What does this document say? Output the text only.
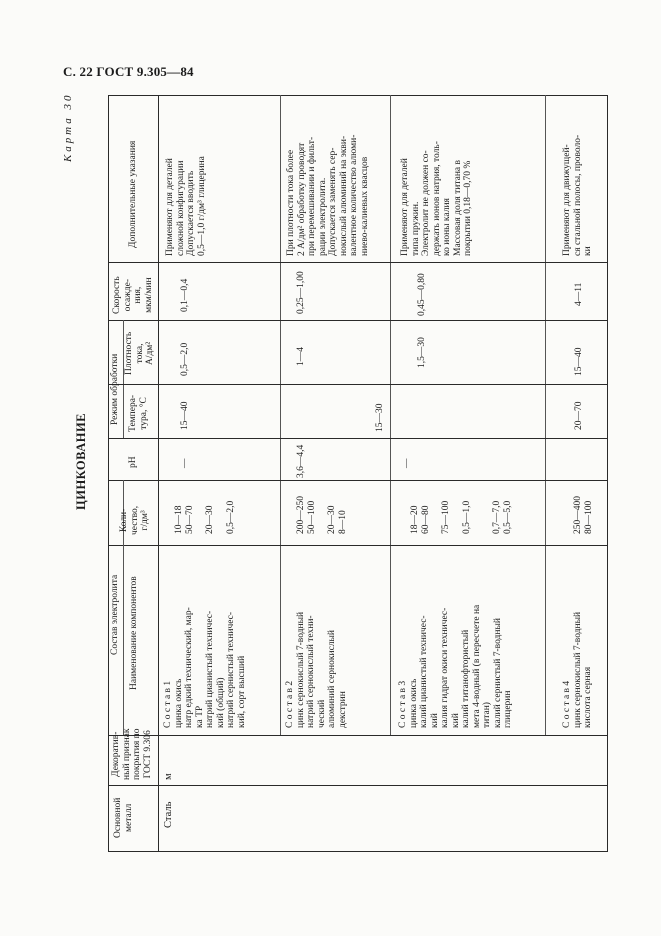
С. 22 ГОСТ 9.305—84
Карта 30
ЦИНКОВАНИЕ
Основной металл
Декоратив- ный признак покрытия по ГОСТ 9.306
Состав электролита Наименование компонентов
Коли- чество, г/дм³
pH
Режим обработки Темпера- тура, °С
Плотность тока, А/дм²
Скорость осажде- ния, мкм/мин
Дополнительные указания
Сталь
м
С о с т а в 1 цинка окись натр едкий технический, мар- ка ТР натрий цианистый техничес- кий (общий) натрий сернистый техничес- кий, сорт высший
10—18 50—70 20—30 0,5—2,0
—
15—40
0,5—2,0
0,1—0,4
Применяют для деталей сложной конфигурации Допускается вводить 0,5—1,0 г/дм³ глицерина
С о с т а в 2 цинк сернокислый 7-водный натрий сернокислый техни- ческий алюминий сернокислый декстрин
200—250 50—100 20—30 8—10
3,6—4,4
15—30
1—4
0,25—1,00
При плотности тока более 2 А/дм² обработку проводят при перемешивании и фильт- рации электролита. Допускается заменять сер- нокислый алюминий на экви- валентное количество алюми- ниево-калиевых квасцов
С о с т а в 3 цинка окись калий цианистый техничес- кий калия гидрат окиси техничес- кий калий титанофтористый мета 4-водный (в пересчете на титан) калий сернистый 7-водный глицерин
18—20 60—80 75—100 0,5—1,0 0,7—7,0 0,5—5,0
—
1,5—30
0,45—0,80
Применяют для деталей типа пружин. Электролит не должен со- держать ионов натрия, толь- ко ионы калия Массовая доля титана в покрытии 0,18—0,70 %
С о с т а в 4 цинк сернокислый 7-водный кислота серная
250—400 80—100
20—70
15—40
4—11
Применяют для движущей- ся стальной полосы, проволо- ки
